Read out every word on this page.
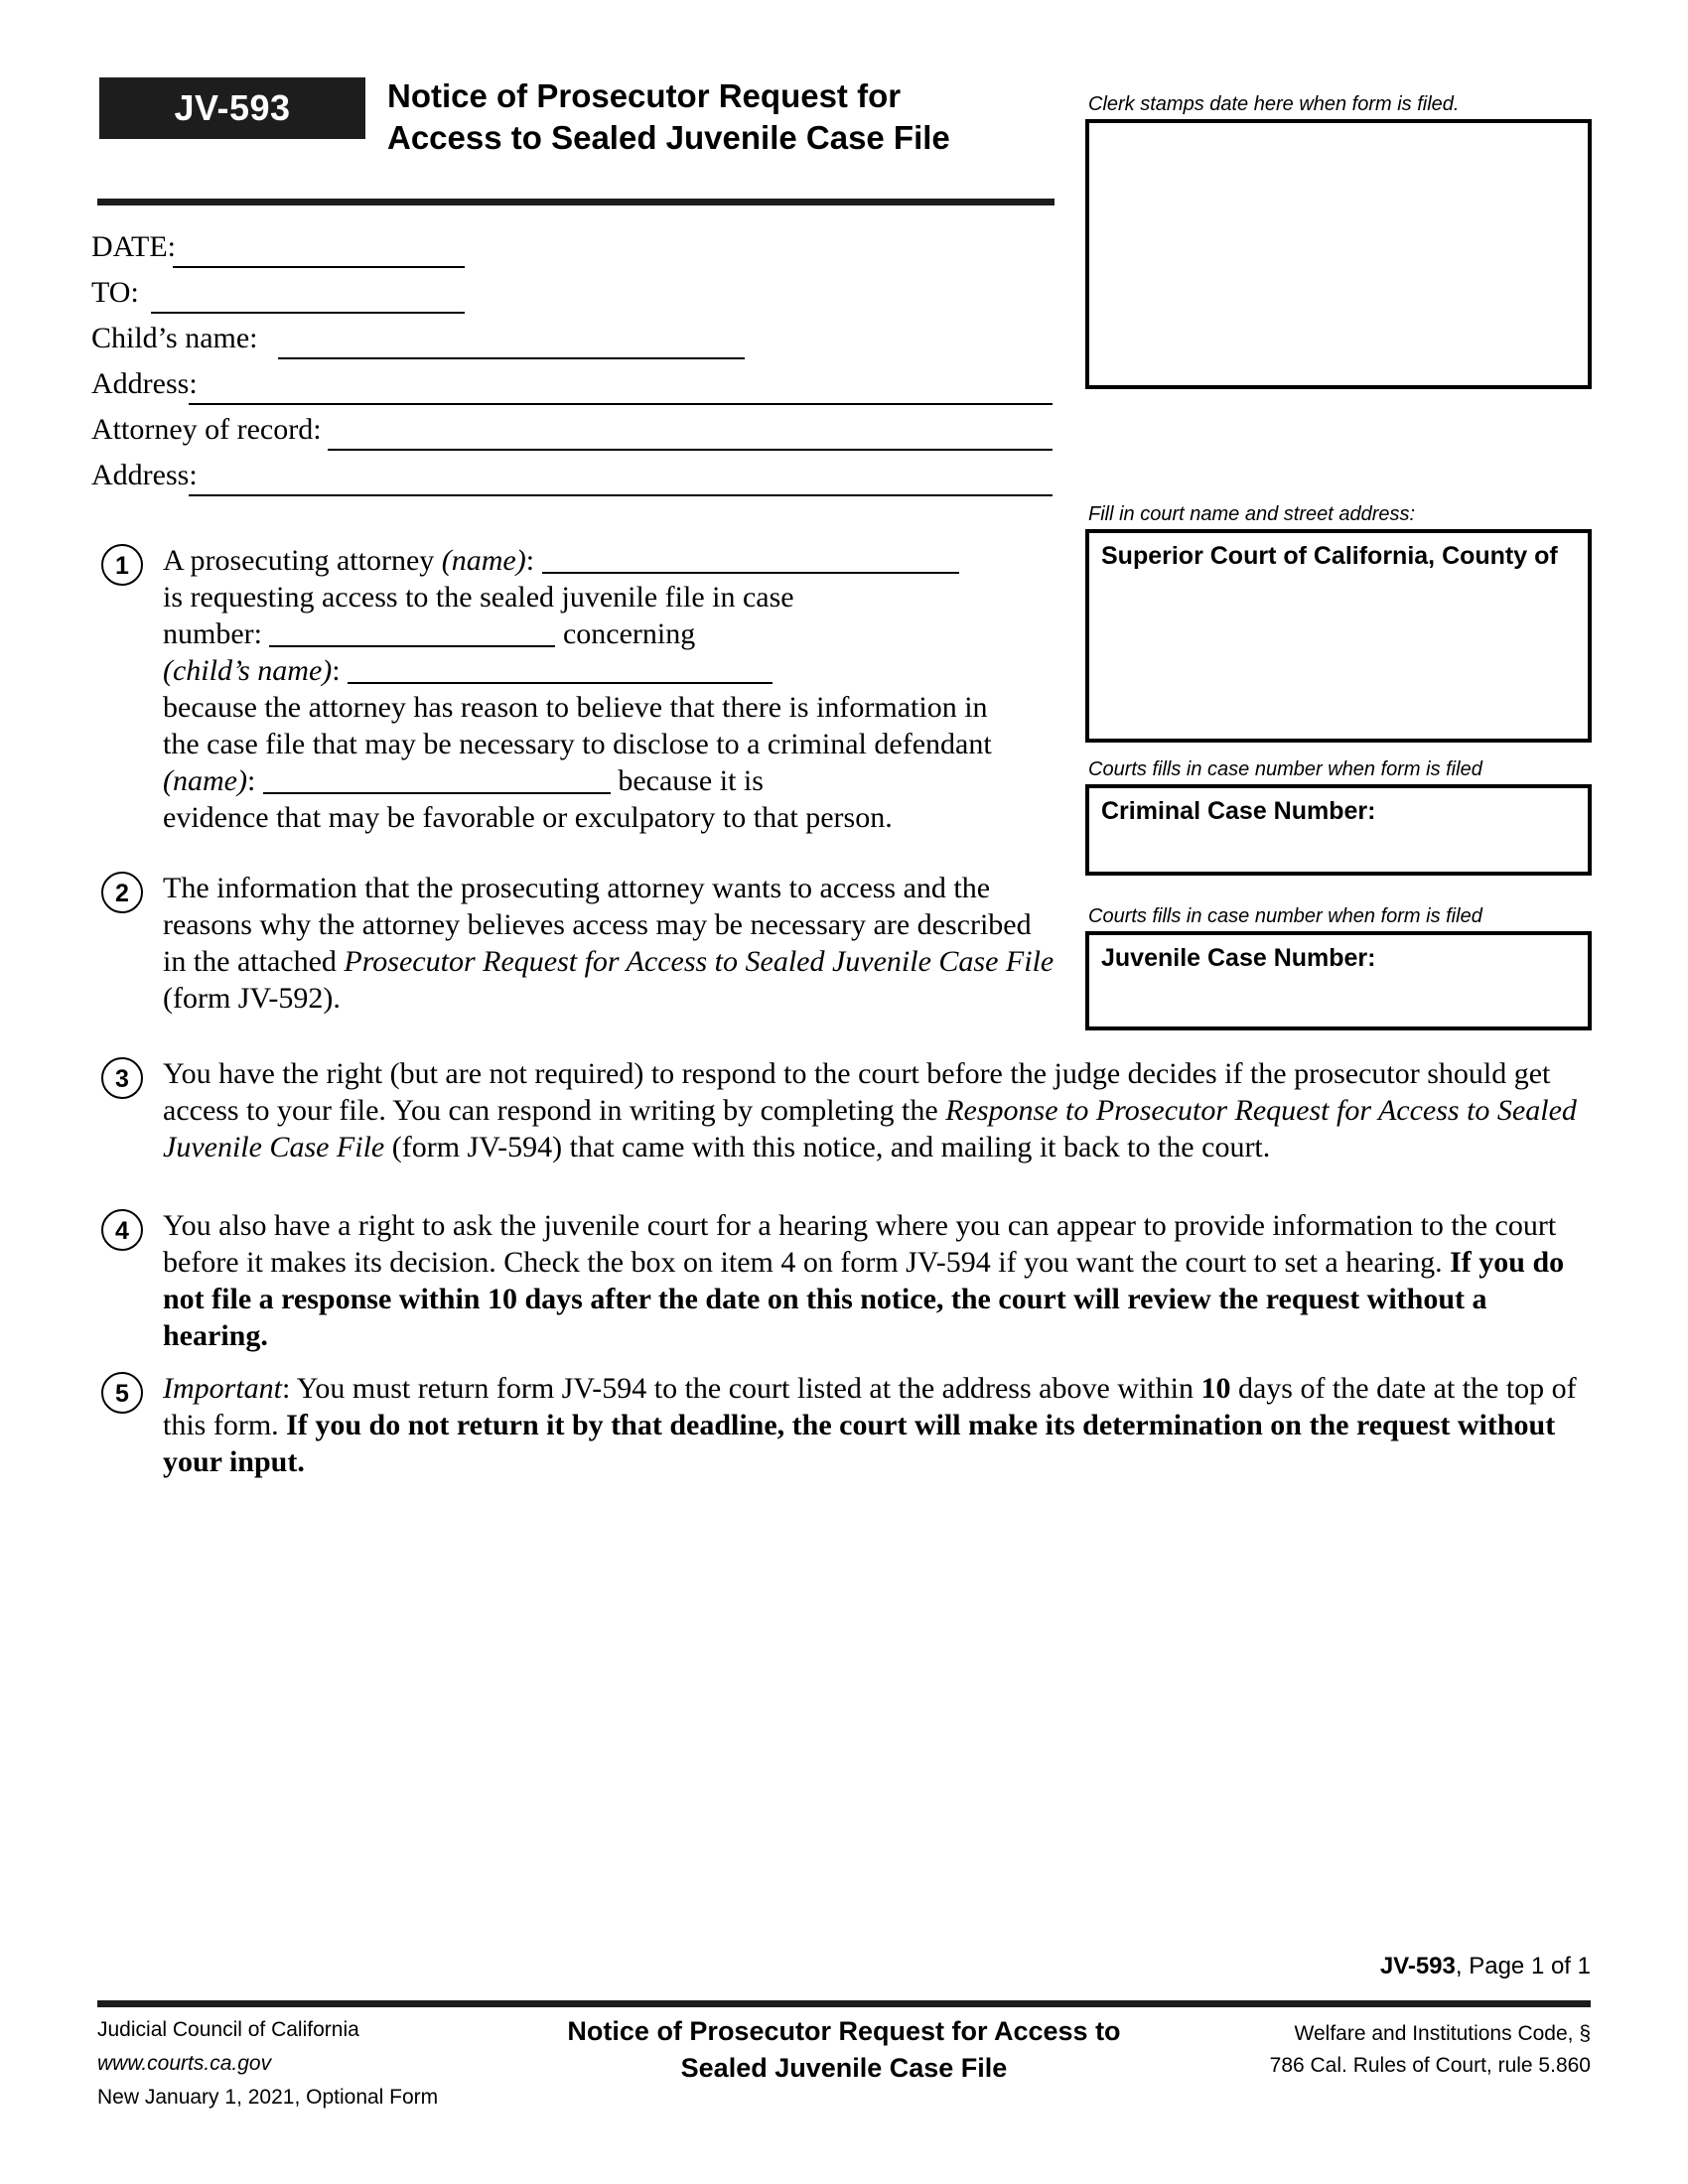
JV-593	Notice of Prosecutor Request for
Access to Sealed Juvenile Case File
DATE:
TO:
Child’s name:
Address:
Attorney of record:
Address:
1	A prosecuting attorney (name):
is requesting access to the sealed juvenile file in case
number:	concerning
(child’s name):
because the attorney has reason to believe that there is information in
the case file that may be necessary to disclose to a criminal defendant
(name):	because it is
evidence that may be favorable or exculpatory to that person.
2	The information that the prosecuting attorney wants to access and the reasons why the attorney believes access may be necessary are described in the attached Prosecutor Request for Access to Sealed Juvenile Case File (form JV-592).
3	You have the right (but are not required) to respond to the court before the judge decides if the prosecutor should get access to your file. You can respond in writing by completing the Response to Prosecutor Request for Access to Sealed Juvenile Case File (form JV-594) that came with this notice, and mailing it back to the court.
4	You also have a right to ask the juvenile court for a hearing where you can appear to provide information to the court before it makes its decision. Check the box on item 4 on form JV-594 if you want the court to set a hearing. If you do not file a response within 10 days after the date on this notice, the court will review the request without a hearing.
5	Important: You must return form JV-594 to the court listed at the address above within 10 days of the date at the top of this form. If you do not return it by that deadline, the court will make its determination on the request without your input.
Clerk stamps date here when form is filed.
Fill in court name and street address:
Superior Court of California, County of
Courts fills in case number when form is filed
Criminal Case Number:
Courts fills in case number when form is filed
Juvenile Case Number:
JV-593, Page 1 of 1
Judicial Council of California
www.courts.ca.gov
New January 1, 2021, Optional Form
Notice of Prosecutor Request for Access to
Sealed Juvenile Case File
Welfare and Institutions Code, §
786 Cal. Rules of Court, rule 5.860
